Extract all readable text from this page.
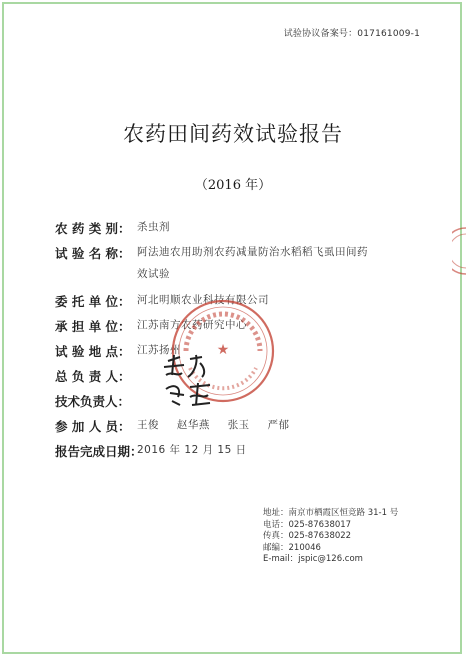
试验协议备案号：017161009-1
农药田间药效试验报告
（2016 年）
农 药 类 别： 杀虫剂
试 验 名 称： 阿法迪农用助剂农药减量防治水稻稻飞虱田间药效试验
委 托 单 位： 河北明顺农业科技有限公司
承 担 单 位： 江苏南方农药研究中心
试 验 地 点： 江苏扬州
总 负 责 人：
技术负责人：
参 加 人 员： 王俊 赵华燕 张玉 严郁
报告完成日期：
2016 年 12 月 15 日
★
地址： 南京市栖霞区恒竞路 31-1 号
电话： 025-87638017
传真： 025-87638022
邮编： 210046
E-mail： jspic@126.com
